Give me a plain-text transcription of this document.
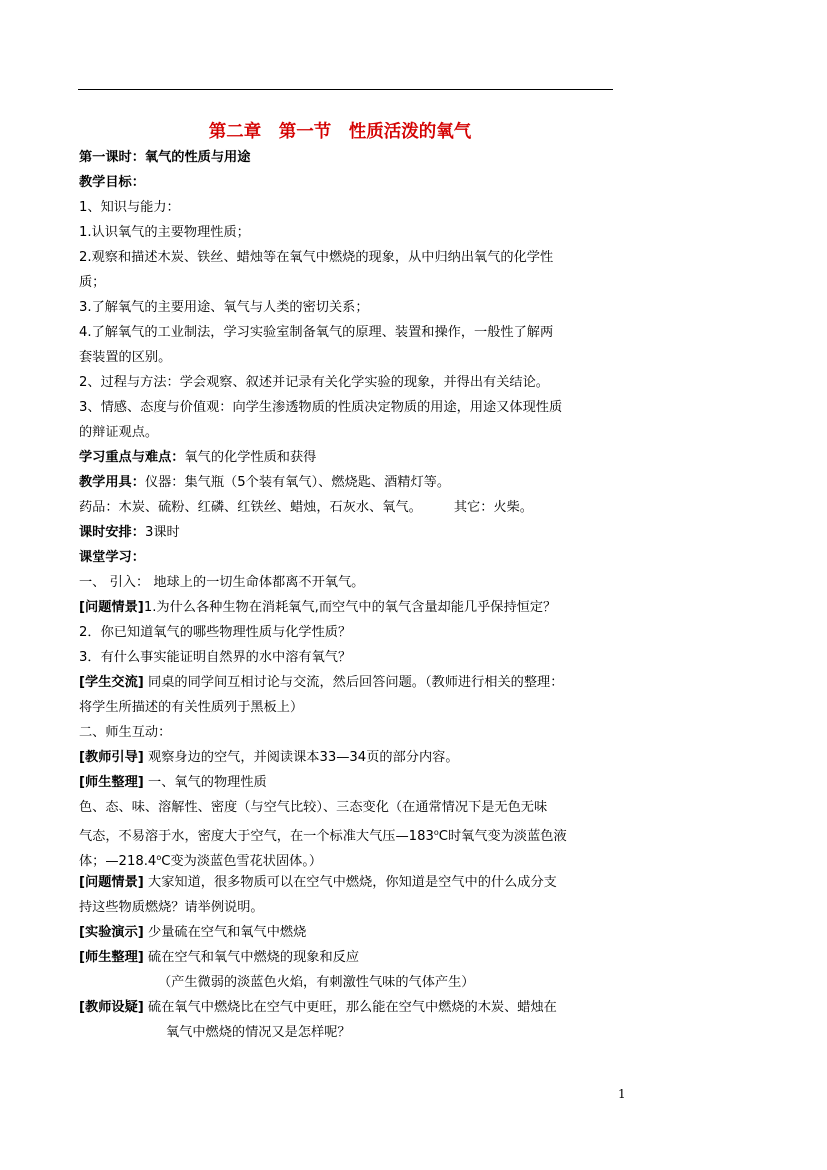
第二章　第一节　性质活泼的氧气
第一课时：氧气的性质与用途
教学目标：
1、知识与能力：
1.认识氧气的主要物理性质；
2.观察和描述木炭、铁丝、蜡烛等在氧气中燃烧的现象，从中归纳出氧气的化学性
质；
3.了解氧气的主要用途、氧气与人类的密切关系；
4.了解氧气的工业制法，学习实验室制备氧气的原理、装置和操作，一般性了解两
套装置的区别。
2、过程与方法：学会观察、叙述并记录有关化学实验的现象，并得出有关结论。
3、情感、态度与价值观：向学生渗透物质的性质决定物质的用途，用途又体现性质
的辩证观点。
学习重点与难点：氧气的化学性质和获得
教学用具：仪器：集气瓶（5个装有氧气）、燃烧匙、酒精灯等。
药品：木炭、硫粉、红磷、红铁丝、蜡烛，石灰水、氧气。 其它：火柴。
课时安排：3课时
课堂学习：
一、 引入： 地球上的一切生命体都离不开氧气。
[问题情景]1.为什么各种生物在消耗氧气,而空气中的氧气含量却能几乎保持恒定？
2．你已知道氧气的哪些物理性质与化学性质？
3．有什么事实能证明自然界的水中溶有氧气？
[学生交流] 同桌的同学间互相讨论与交流，然后回答问题。（教师进行相关的整理：
将学生所描述的有关性质列于黑板上）
二、师生互动：
[教师引导] 观察身边的空气，并阅读课本33—34页的部分内容。
[师生整理] 一、氧气的物理性质
色、态、味、溶解性、密度（与空气比较）、三态变化（在通常情况下是无色无味
气态，不易溶于水，密度大于空气，在一个标准大气压—183$^o$C时氧气变为淡蓝色液
体；—218.4$^o$C变为淡蓝色雪花状固体。）
[问题情景] 大家知道，很多物质可以在空气中燃烧，你知道是空气中的什么成分支
持这些物质燃烧？请举例说明。
[实验演示] 少量硫在空气和氧气中燃烧
[师生整理] 硫在空气和氧气中燃烧的现象和反应
（产生微弱的淡蓝色火焰，有刺激性气味的气体产生）
[教师设疑] 硫在氧气中燃烧比在空气中更旺，那么能在空气中燃烧的木炭、蜡烛在
氧气中燃烧的情况又是怎样呢？
1
